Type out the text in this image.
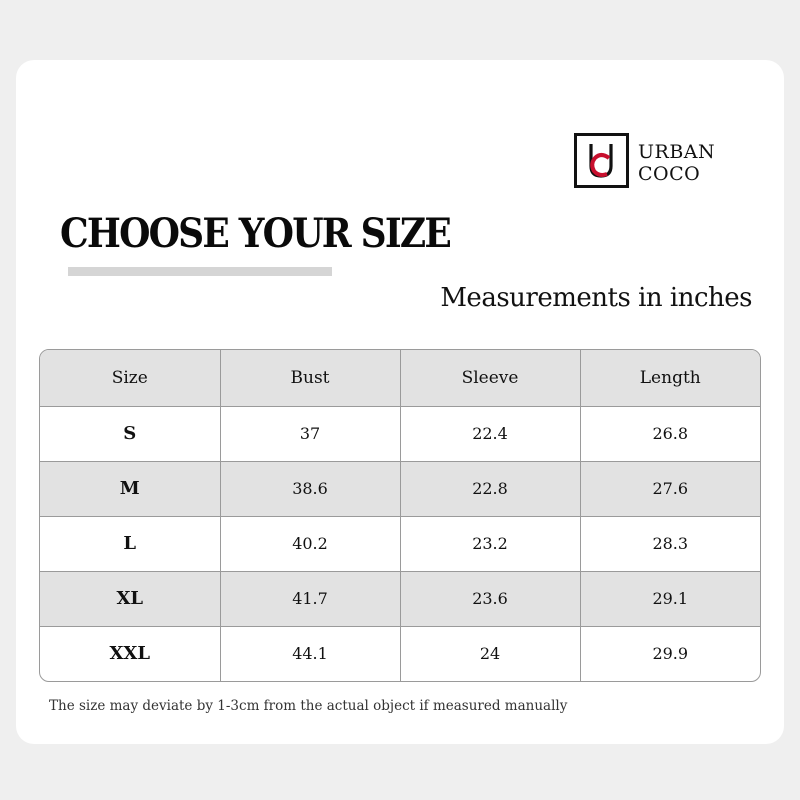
URBAN
COCO
CHOOSE YOUR SIZE
Measurements in inches
Size	Bust	Sleeve	Length
S	37	22.4	26.8
M	38.6	22.8	27.6
L	40.2	23.2	28.3
XL	41.7	23.6	29.1
XXL	44.1	24	29.9
The size may deviate by 1-3cm from the actual object if measured manually
